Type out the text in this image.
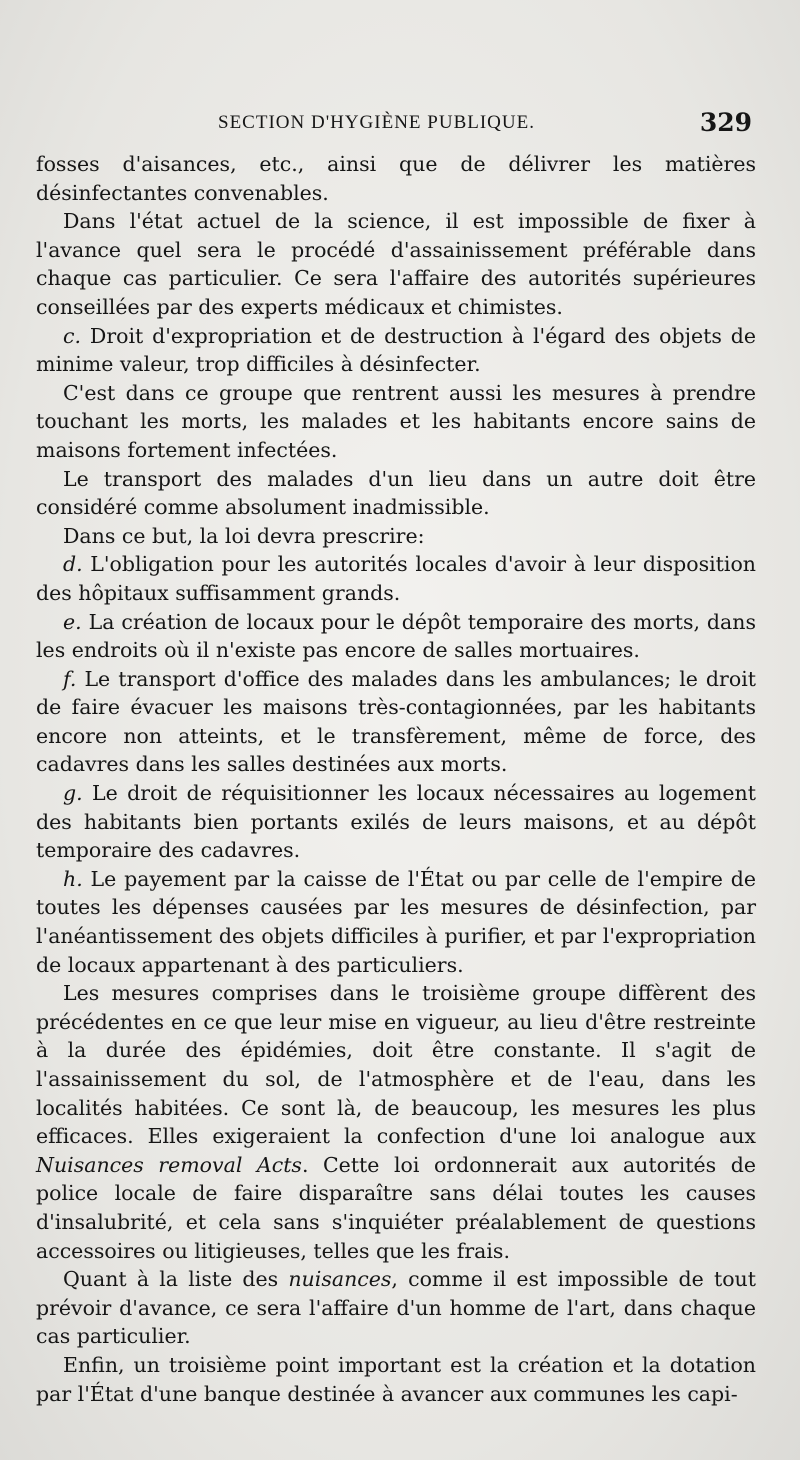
SECTION D'HYGIÈNE PUBLIQUE.	329

fosses d'aisances, etc., ainsi que de délivrer les matières désinfectantes convenables.

Dans l'état actuel de la science, il est impossible de fixer à l'avance quel sera le procédé d'assainissement préférable dans chaque cas particulier. Ce sera l'affaire des autorités supérieures conseillées par des experts médicaux et chimistes.

c. Droit d'expropriation et de destruction à l'égard des objets de minime valeur, trop difficiles à désinfecter.

C'est dans ce groupe que rentrent aussi les mesures à prendre touchant les morts, les malades et les habitants encore sains de maisons fortement infectées.

Le transport des malades d'un lieu dans un autre doit être considéré comme absolument inadmissible.

Dans ce but, la loi devra prescrire:

d. L'obligation pour les autorités locales d'avoir à leur disposition des hôpitaux suffisamment grands.

e. La création de locaux pour le dépôt temporaire des morts, dans les endroits où il n'existe pas encore de salles mortuaires.

f. Le transport d'office des malades dans les ambulances; le droit de faire évacuer les maisons très-contagionnées, par les habitants encore non atteints, et le transfèrement, même de force, des cadavres dans les salles destinées aux morts.

g. Le droit de réquisitionner les locaux nécessaires au logement des habitants bien portants exilés de leurs maisons, et au dépôt temporaire des cadavres.

h. Le payement par la caisse de l'État ou par celle de l'empire de toutes les dépenses causées par les mesures de désinfection, par l'anéantissement des objets difficiles à purifier, et par l'expropriation de locaux appartenant à des particuliers.

Les mesures comprises dans le troisième groupe diffèrent des précédentes en ce que leur mise en vigueur, au lieu d'être restreinte à la durée des épidémies, doit être constante. Il s'agit de l'assainissement du sol, de l'atmosphère et de l'eau, dans les localités habitées. Ce sont là, de beaucoup, les mesures les plus efficaces. Elles exigeraient la confection d'une loi analogue aux Nuisances removal Acts. Cette loi ordonnerait aux autorités de police locale de faire disparaître sans délai toutes les causes d'insalubrité, et cela sans s'inquiéter préalablement de questions accessoires ou litigieuses, telles que les frais.

Quant à la liste des nuisances, comme il est impossible de tout prévoir d'avance, ce sera l'affaire d'un homme de l'art, dans chaque cas particulier.

Enfin, un troisième point important est la création et la dotation par l'État d'une banque destinée à avancer aux communes les capi-
